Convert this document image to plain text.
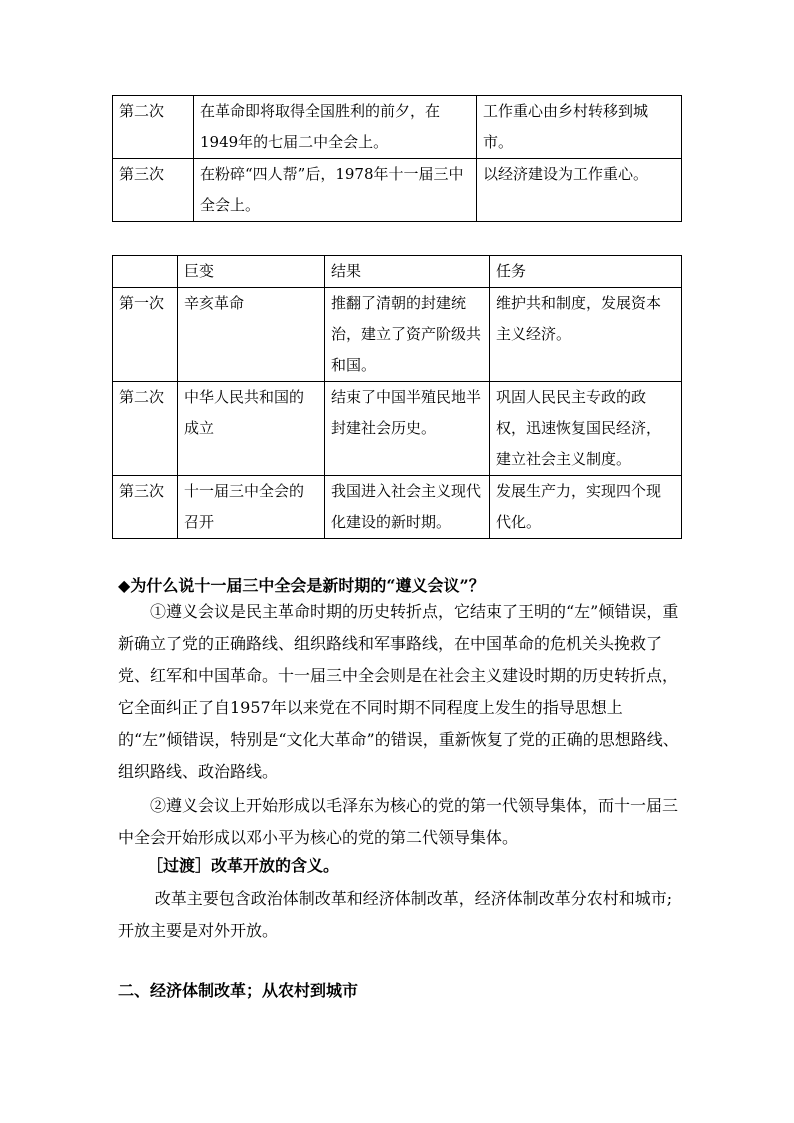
第二次	在革命即将取得全国胜利的前夕，在1949年的七届二中全会上。	工作重心由乡村转移到城市。
第三次	在粉碎“四人帮”后，1978年十一届三中全会上。	以经济建设为工作重心。
	巨变	结果	任务
第一次	辛亥革命	推翻了清朝的封建统治，建立了资产阶级共和国。	维护共和制度，发展资本主义经济。
第二次	中华人民共和国的成立	结束了中国半殖民地半封建社会历史。	巩固人民民主专政的政权，迅速恢复国民经济，建立社会主义制度。
第三次	十一届三中全会的召开	我国进入社会主义现代化建设的新时期。	发展生产力，实现四个现代化。
◆为什么说十一届三中全会是新时期的“遵义会议”？
①遵义会议是民主革命时期的历史转折点，它结束了王明的“左”倾错误，重新确立了党的正确路线、组织路线和军事路线，在中国革命的危机关头挽救了党、红军和中国革命。十一届三中全会则是在社会主义建设时期的历史转折点，它全面纠正了自1957年以来党在不同时期不同程度上发生的指导思想上的“左”倾错误，特别是“文化大革命”的错误，重新恢复了党的正确的思想路线、组织路线、政治路线。
②遵义会议上开始形成以毛泽东为核心的党的第一代领导集体，而十一届三中全会开始形成以邓小平为核心的党的第二代领导集体。
［过渡］改革开放的含义。
改革主要包含政治体制改革和经济体制改革，经济体制改革分农村和城市;开放主要是对外开放。
二、经济体制改革；从农村到城市
